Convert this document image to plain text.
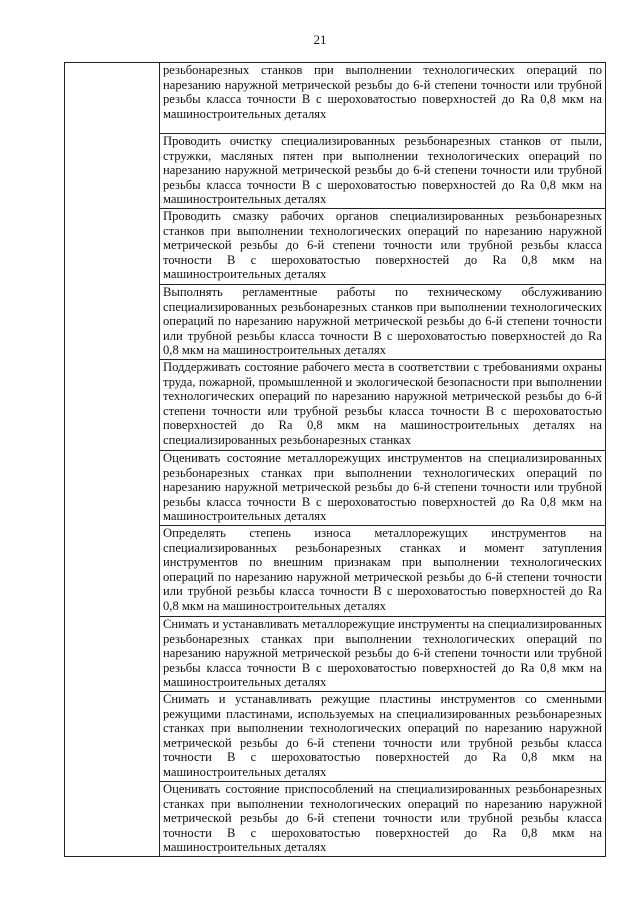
21

резьбонарезных станков при выполнении технологических операций по нарезанию наружной метрической резьбы до 6-й степени точности или трубной резьбы класса точности В с шероховатостью поверхностей до Ra 0,8 мкм на машиностроительных деталях

Проводить очистку специализированных резьбонарезных станков от пыли, стружки, масляных пятен при выполнении технологических операций по нарезанию наружной метрической резьбы до 6-й степени точности или трубной резьбы класса точности В с шероховатостью поверхностей до Ra 0,8 мкм на машиностроительных деталях

Проводить смазку рабочих органов специализированных резьбонарезных станков при выполнении технологических операций по нарезанию наружной метрической резьбы до 6-й степени точности или трубной резьбы класса точности В с шероховатостью поверхностей до Ra 0,8 мкм на машиностроительных деталях

Выполнять регламентные работы по техническому обслуживанию специализированных резьбонарезных станков при выполнении технологических операций по нарезанию наружной метрической резьбы до 6-й степени точности или трубной резьбы класса точности В с шероховатостью поверхностей до Ra 0,8 мкм на машиностроительных деталях

Поддерживать состояние рабочего места в соответствии с требованиями охраны труда, пожарной, промышленной и экологической безопасности при выполнении технологических операций по нарезанию наружной метрической резьбы до 6-й степени точности или трубной резьбы класса точности В с шероховатостью поверхностей до Ra 0,8 мкм на машиностроительных деталях на специализированных резьбонарезных станках

Оценивать состояние металлорежущих инструментов на специализированных резьбонарезных станках при выполнении технологических операций по нарезанию наружной метрической резьбы до 6-й степени точности или трубной резьбы класса точности В с шероховатостью поверхностей до Ra 0,8 мкм на машиностроительных деталях

Определять степень износа металлорежущих инструментов на специализированных резьбонарезных станках и момент затупления инструментов по внешним признакам при выполнении технологических операций по нарезанию наружной метрической резьбы до 6-й степени точности или трубной резьбы класса точности В с шероховатостью поверхностей до Ra 0,8 мкм на машиностроительных деталях

Снимать и устанавливать металлорежущие инструменты на специализированных резьбонарезных станках при выполнении технологических операций по нарезанию наружной метрической резьбы до 6-й степени точности или трубной резьбы класса точности В с шероховатостью поверхностей до Ra 0,8 мкм на машиностроительных деталях

Снимать и устанавливать режущие пластины инструментов со сменными режущими пластинами, используемых на специализированных резьбонарезных станках при выполнении технологических операций по нарезанию наружной метрической резьбы до 6-й степени точности или трубной резьбы класса точности В с шероховатостью поверхностей до Ra 0,8 мкм на машиностроительных деталях

Оценивать состояние приспособлений на специализированных резьбонарезных станках при выполнении технологических операций по нарезанию наружной метрической резьбы до 6-й степени точности или трубной резьбы класса точности В с шероховатостью поверхностей до Ra 0,8 мкм на машиностроительных деталях
